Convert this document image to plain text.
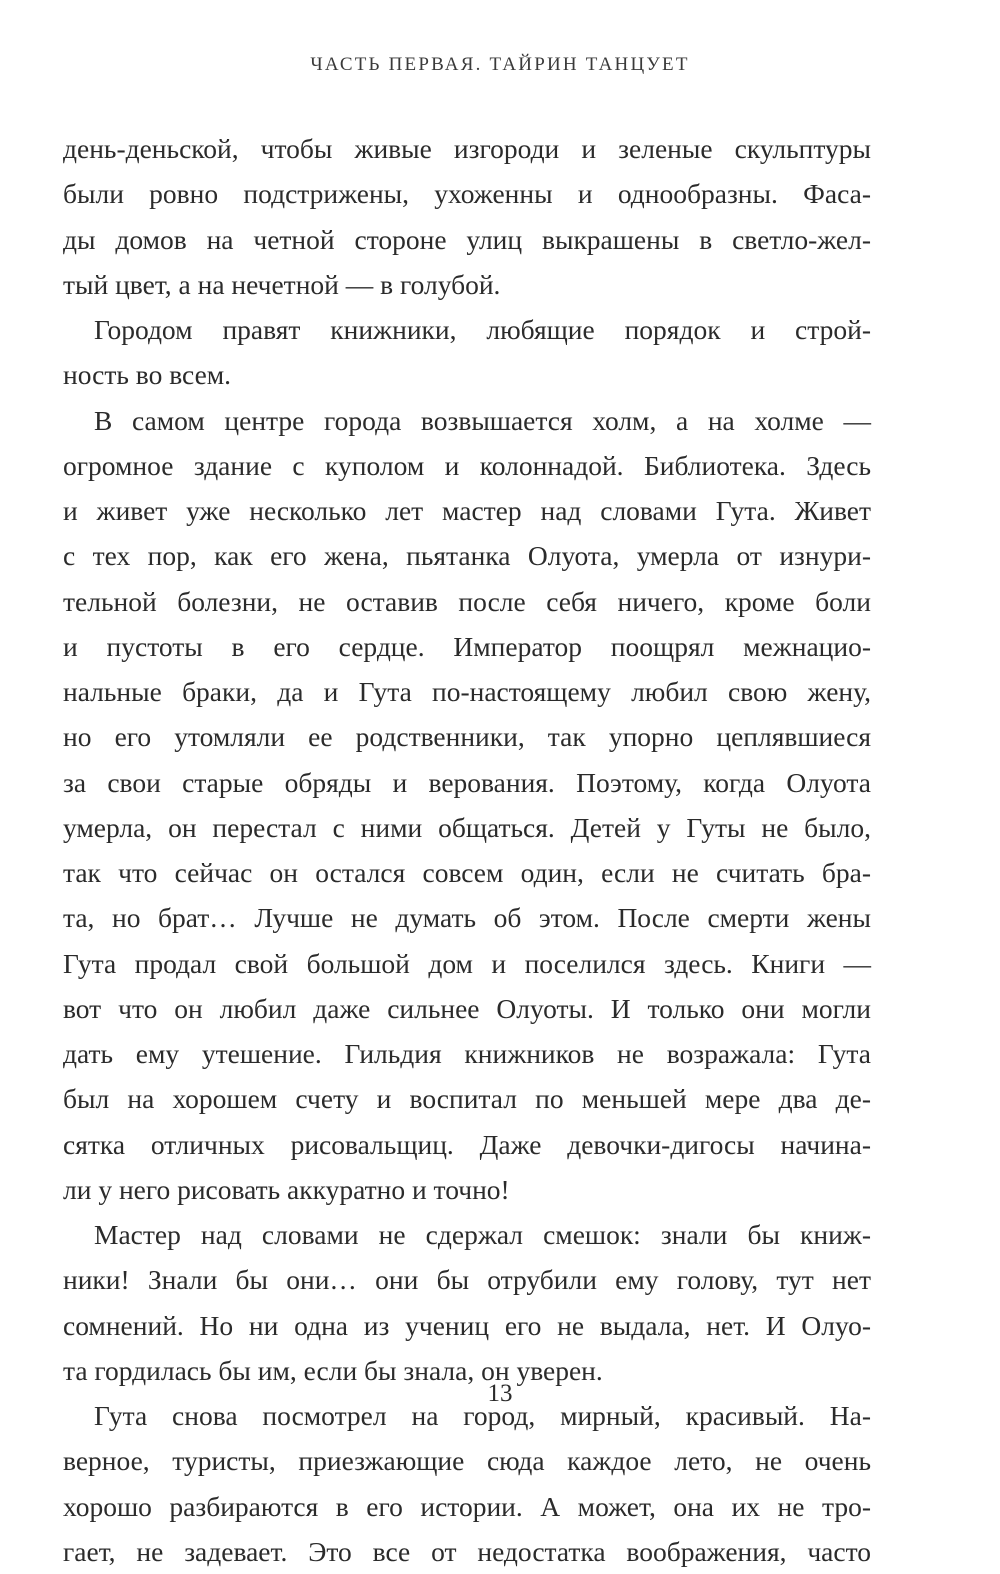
ЧАСТЬ ПЕРВАЯ. ТАЙРИН ТАНЦУЕТ
день-деньской, чтобы живые изгороди и зеленые скульптуры
были ровно подстрижены, ухоженны и однообразны. Фаса-
ды домов на четной стороне улиц выкрашены в светло-жел-
тый цвет, а на нечетной — в голубой.
Городом правят книжники, любящие порядок и строй-
ность во всем.
В самом центре города возвышается холм, а на холме —
огромное здание с куполом и колоннадой. Библиотека. Здесь
и живет уже несколько лет мастер над словами Гута. Живет
с тех пор, как его жена, пьятанка Олуота, умерла от изнури-
тельной болезни, не оставив после себя ничего, кроме боли
и пустоты в его сердце. Император поощрял межнацио-
нальные браки, да и Гута по-настоящему любил свою жену,
но его утомляли ее родственники, так упорно цеплявшиеся
за свои старые обряды и верования. Поэтому, когда Олуота
умерла, он перестал с ними общаться. Детей у Гуты не было,
так что сейчас он остался совсем один, если не считать бра-
та, но брат… Лучше не думать об этом. После смерти жены
Гута продал свой большой дом и поселился здесь. Книги —
вот что он любил даже сильнее Олуоты. И только они могли
дать ему утешение. Гильдия книжников не возражала: Гута
был на хорошем счету и воспитал по меньшей мере два де-
сятка отличных рисовальщиц. Даже девочки-дигосы начина-
ли у него рисовать аккуратно и точно!
Мастер над словами не сдержал смешок: знали бы книж-
ники! Знали бы они… они бы отрубили ему голову, тут нет
сомнений. Но ни одна из учениц его не выдала, нет. И Олуо-
та гордилась бы им, если бы знала, он уверен.
Гута снова посмотрел на город, мирный, красивый. На-
верное, туристы, приезжающие сюда каждое лето, не очень
хорошо разбираются в его истории. А может, она их не тро-
гает, не задевает. Это все от недостатка воображения, часто
13
